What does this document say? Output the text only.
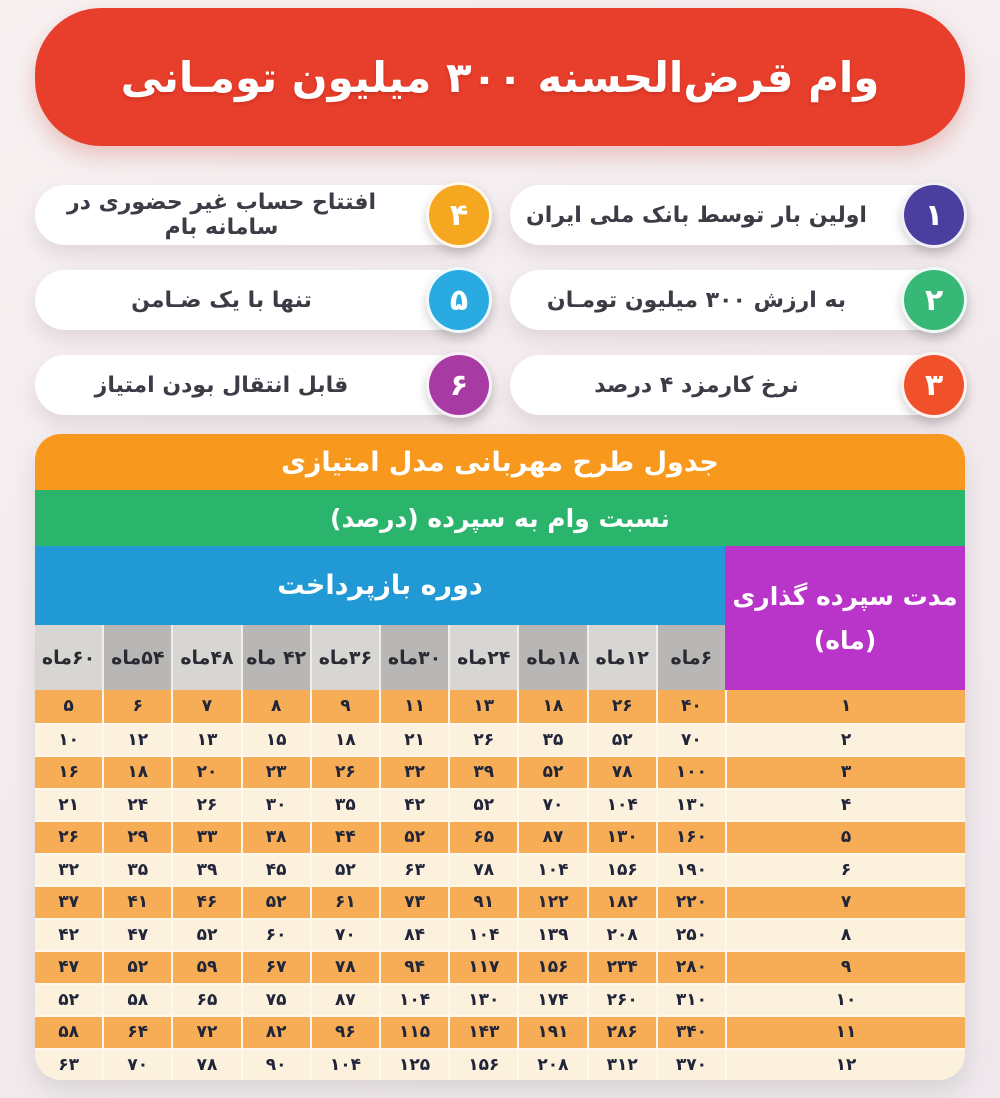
وام قرض‌الحسنه ۳۰۰ میلیون تومـانی
۱
اولین بار توسط بانک ملی ایران
۴
افتتاح حساب غیر حضوری در سامانه بام
۲
به ارزش ۳۰۰ میلیون تومـان
۵
تنها با یک ضـامن
۳
نرخ کارمزد ۴ درصد
۶
قابل انتقال بودن امتیاز
جدول طرح مهربانی مدل امتیازی
نسبت وام به سپرده (درصد)
مدت سپرده گذاری
(ماه)
دوره بازپرداخت
۶ماه
۱۲ماه
۱۸ماه
۲۴ماه
۳۰ماه
۳۶ماه
۴۲ ماه
۴۸ماه
۵۴ماه
۶۰ماه
۱
۴۰
۲۶
۱۸
۱۳
۱۱
۹
۸
۷
۶
۵
۲
۷۰
۵۲
۳۵
۲۶
۲۱
۱۸
۱۵
۱۳
۱۲
۱۰
۳
۱۰۰
۷۸
۵۲
۳۹
۳۲
۲۶
۲۳
۲۰
۱۸
۱۶
۴
۱۳۰
۱۰۴
۷۰
۵۲
۴۲
۳۵
۳۰
۲۶
۲۴
۲۱
۵
۱۶۰
۱۳۰
۸۷
۶۵
۵۲
۴۴
۳۸
۳۳
۲۹
۲۶
۶
۱۹۰
۱۵۶
۱۰۴
۷۸
۶۳
۵۲
۴۵
۳۹
۳۵
۳۲
۷
۲۲۰
۱۸۲
۱۲۲
۹۱
۷۳
۶۱
۵۲
۴۶
۴۱
۳۷
۸
۲۵۰
۲۰۸
۱۳۹
۱۰۴
۸۴
۷۰
۶۰
۵۲
۴۷
۴۲
۹
۲۸۰
۲۳۴
۱۵۶
۱۱۷
۹۴
۷۸
۶۷
۵۹
۵۲
۴۷
۱۰
۳۱۰
۲۶۰
۱۷۴
۱۳۰
۱۰۴
۸۷
۷۵
۶۵
۵۸
۵۲
۱۱
۳۴۰
۲۸۶
۱۹۱
۱۴۳
۱۱۵
۹۶
۸۲
۷۲
۶۴
۵۸
۱۲
۳۷۰
۳۱۲
۲۰۸
۱۵۶
۱۲۵
۱۰۴
۹۰
۷۸
۷۰
۶۳
